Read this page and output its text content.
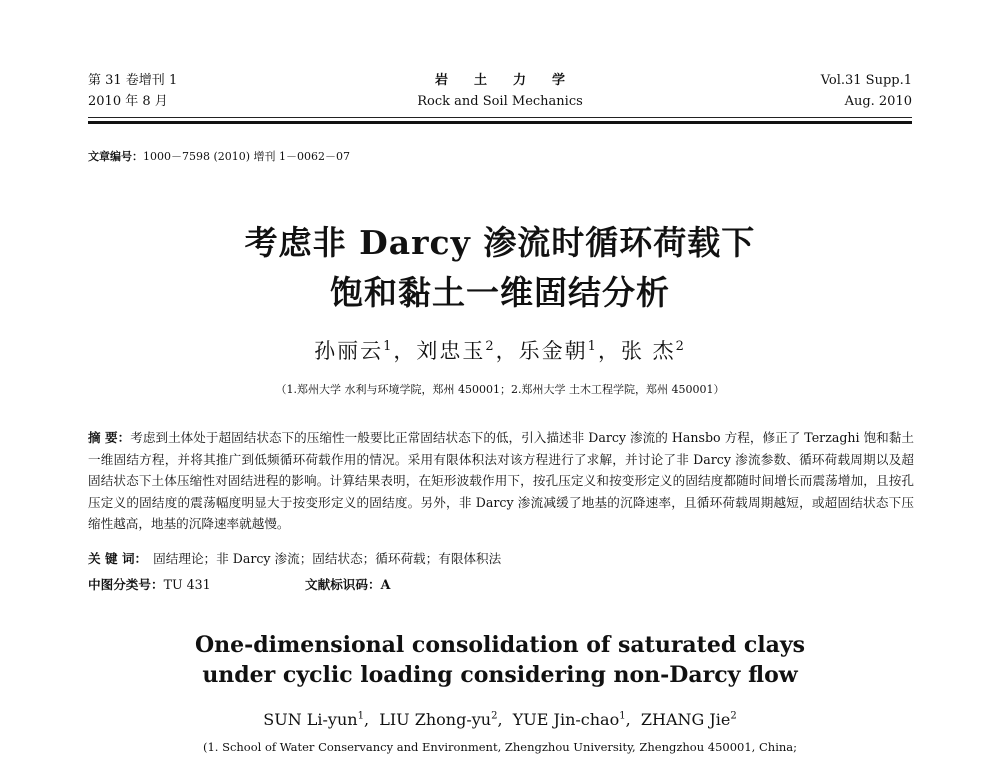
第 31 卷增刊 1
2010 年 8 月
岩土力学
Rock and Soil Mechanics
Vol.31 Supp.1
Aug. 2010
文章编号：1000－7598 (2010) 增刊 1－0062－07
考虑非 Darcy 渗流时循环荷载下
饱和黏土一维固结分析
孙丽云$^1$，刘忠玉$^2$，乐金朝$^1$，张 杰$^2$
（1.郑州大学 水利与环境学院，郑州 450001；2.郑州大学 土木工程学院，郑州 450001）
摘 要：考虑到土体处于超固结状态下的压缩性一般要比正常固结状态下的低，引入描述非 Darcy 渗流的 Hansbo 方程，修正了 Terzaghi 饱和黏土一维固结方程，并将其推广到低频循环荷载作用的情况。采用有限体积法对该方程进行了求解，并讨论了非 Darcy 渗流参数、循环荷载周期以及超固结状态下土体压缩性对固结进程的影响。计算结果表明，在矩形波载作用下，按孔压定义和按变形定义的固结度都随时间增长而震荡增加，且按孔压定义的固结度的震荡幅度明显大于按变形定义的固结度。另外，非 Darcy 渗流减缓了地基的沉降速率，且循环荷载周期越短，或超固结状态下压缩性越高，地基的沉降速率就越慢。
关 键 词： 固结理论；非 Darcy 渗流；固结状态；循环荷载；有限体积法
中图分类号：TU 431	文献标识码：A
One-dimensional consolidation of saturated clays
under cyclic loading considering non-Darcy flow
SUN Li-yun$^1$,  LIU Zhong-$yu^2$,  YUE Jin-chao$^1$,  ZHANG Jie$^2$
(1. School of Water Conservancy and Environment, Zhengzhou University, Zhengzhou 450001, China;
